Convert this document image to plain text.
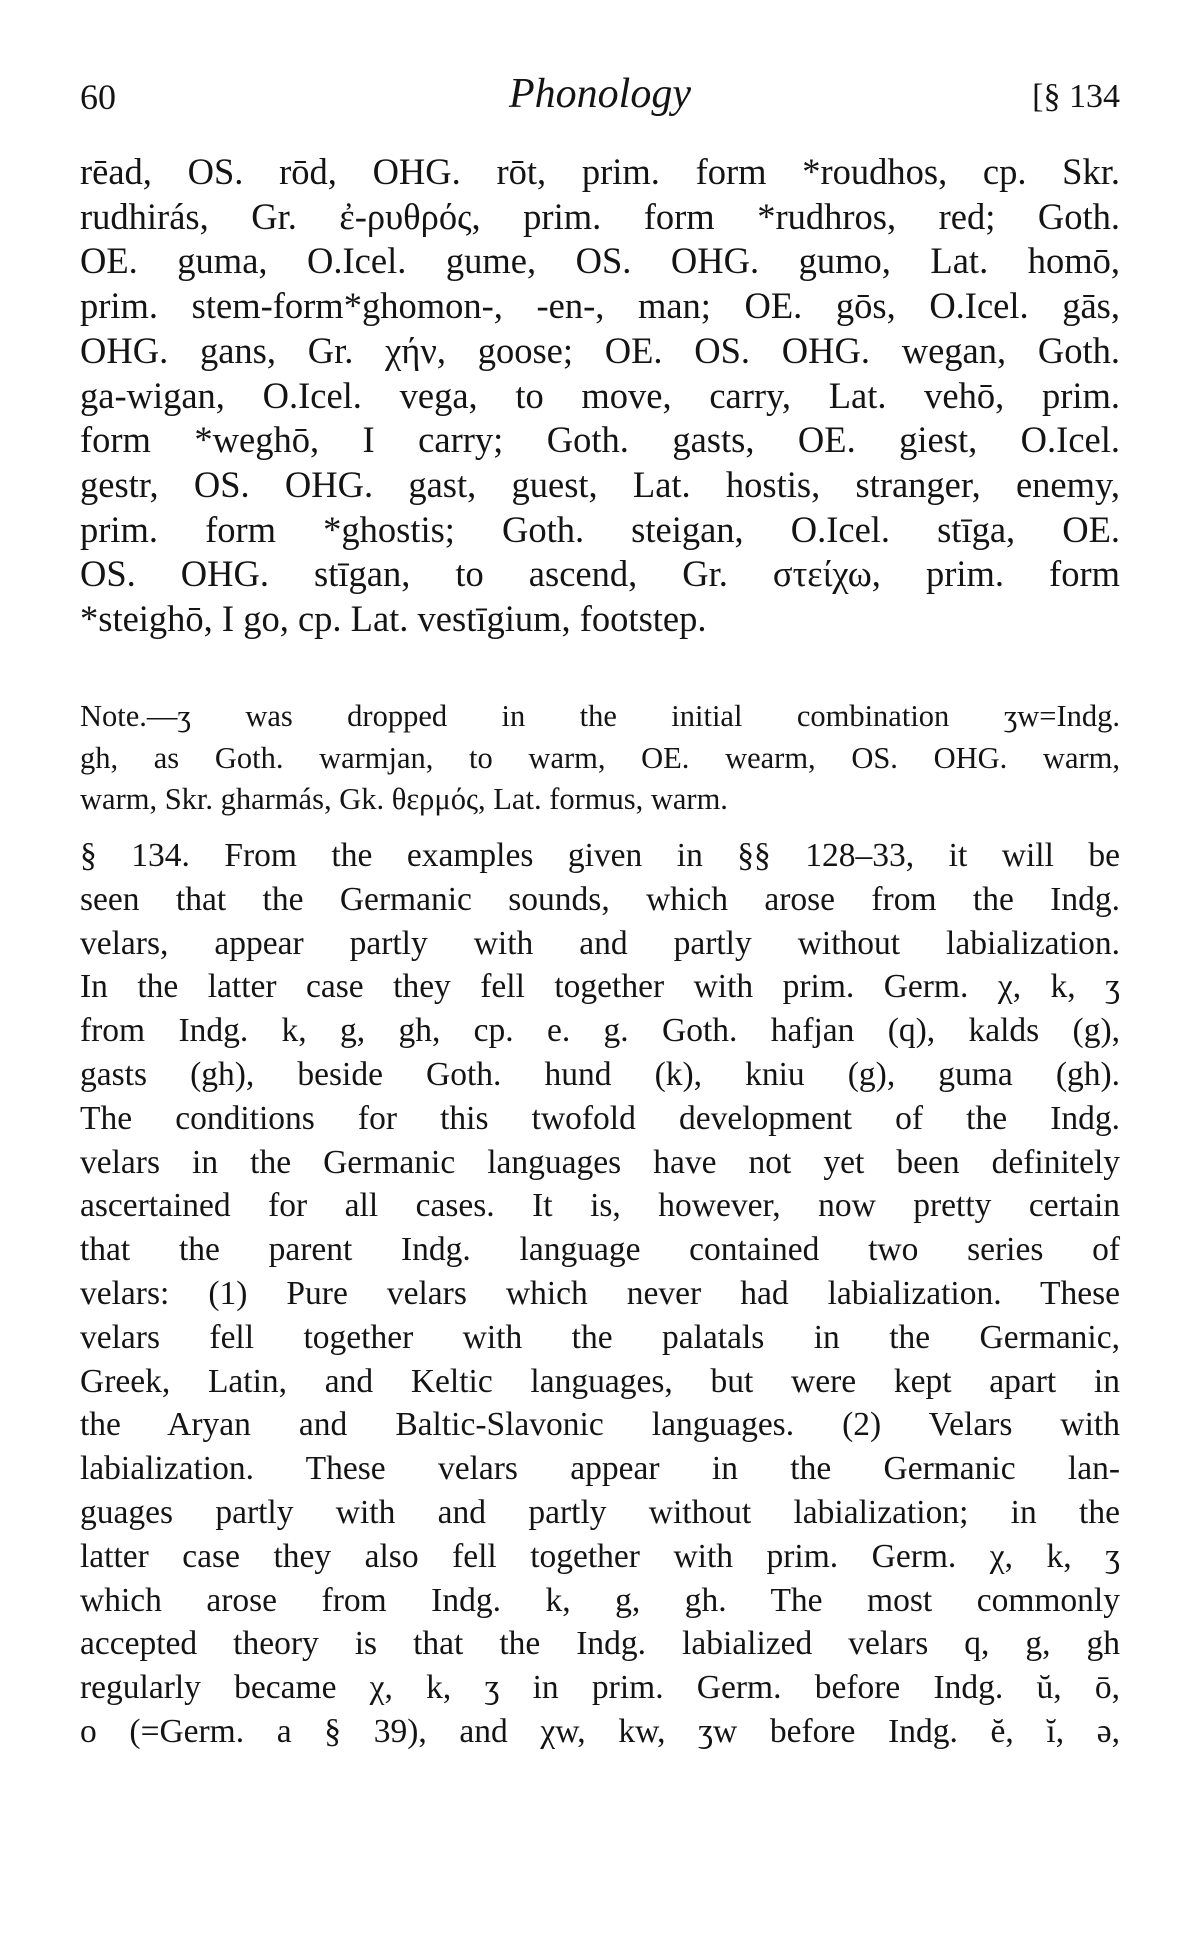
60	Phonology	[§ 134
rēad, OS. rōd, OHG. rōt, prim. form *roudhos, cp. Skr.
rudhirás, Gr. ἐ-ρυθρός, prim. form *rudhros, red; Goth.
OE. guma, O.Icel. gume, OS. OHG. gumo, Lat. homō,
prim. stem-form*ghomon-, -en-, man; OE. gōs, O.Icel. gās,
OHG. gans, Gr. χήν, goose; OE. OS. OHG. wegan, Goth.
ga-wigan, O.Icel. vega, to move, carry, Lat. vehō, prim.
form *weghō, I carry; Goth. gasts, OE. giest, O.Icel.
gestr, OS. OHG. gast, guest, Lat. hostis, stranger, enemy,
prim. form *ghostis; Goth. steigan, O.Icel. stīga, OE.
OS. OHG. stīgan, to ascend, Gr. στείχω, prim. form
*steighō, I go, cp. Lat. vestīgium, footstep.
Note.—ʒ was dropped in the initial combination ʒw=Indg.
gh, as Goth. warmjan, to warm, OE. wearm, OS. OHG. warm,
warm, Skr. gharmás, Gk. θερμός, Lat. formus, warm.
§ 134. From the examples given in §§ 128–33, it will be
seen that the Germanic sounds, which arose from the Indg.
velars, appear partly with and partly without labialization.
In the latter case they fell together with prim. Germ. χ, k, ʒ
from Indg. k, g, gh, cp. e. g. Goth. hafjan (q), kalds (g),
gasts (gh), beside Goth. hund (k), kniu (g), guma (gh).
The conditions for this twofold development of the Indg.
velars in the Germanic languages have not yet been definitely
ascertained for all cases. It is, however, now pretty certain
that the parent Indg. language contained two series of
velars: (1) Pure velars which never had labialization. These
velars fell together with the palatals in the Germanic,
Greek, Latin, and Keltic languages, but were kept apart in
the Aryan and Baltic-Slavonic languages. (2) Velars with
labialization. These velars appear in the Germanic lan-
guages partly with and partly without labialization; in the
latter case they also fell together with prim. Germ. χ, k, ʒ
which arose from Indg. k, g, gh. The most commonly
accepted theory is that the Indg. labialized velars q, g, gh
regularly became χ, k, ʒ in prim. Germ. before Indg. ŭ, ō,
o (=Germ. a § 39), and χw, kw, ʒw before Indg. ĕ, ĭ, ə,
